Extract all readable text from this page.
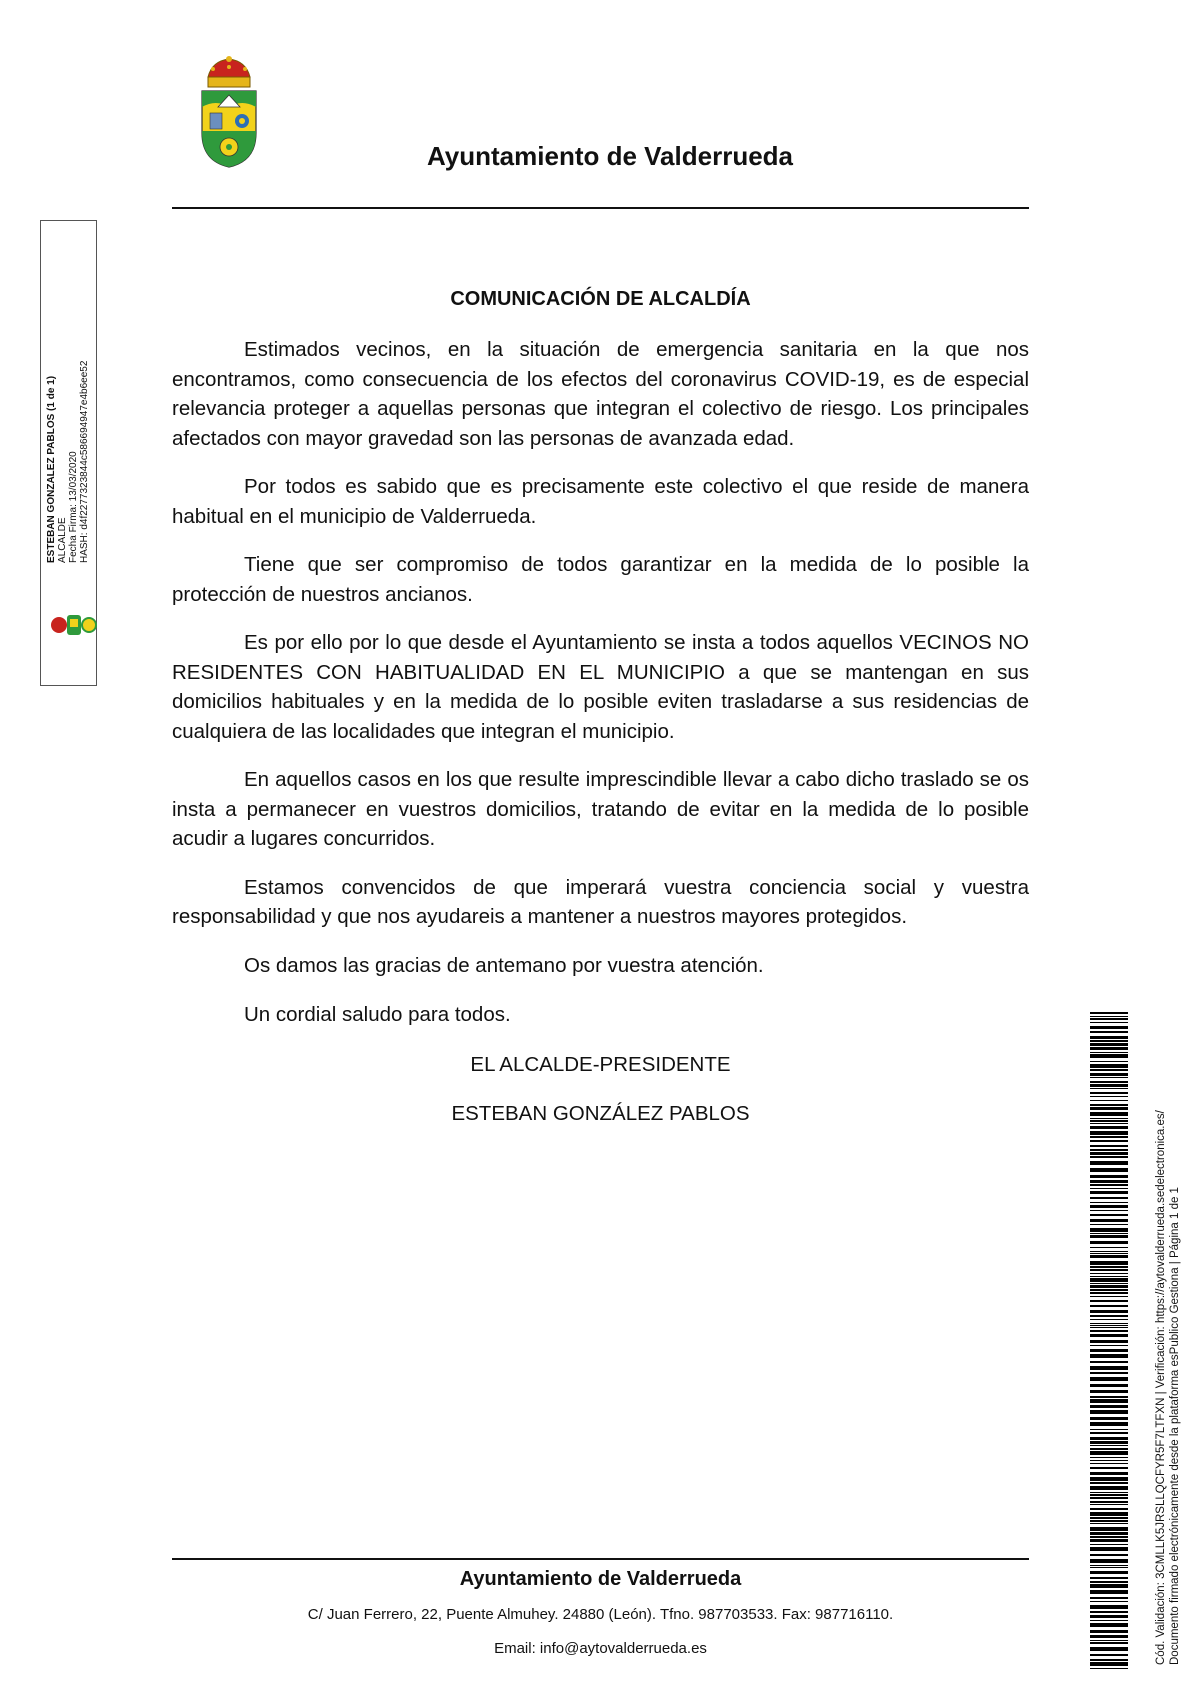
Ayuntamiento de Valderrueda
ESTEBAN GONZALEZ PABLOS (1 de 1) ALCALDE Fecha Firma: 13/03/2020 HASH: d4f2277323844c586694947e4b6ee52
COMUNICACIÓN DE ALCALDÍA

Estimados vecinos, en la situación de emergencia sanitaria en la que nos encontramos, como consecuencia de los efectos del coronavirus COVID-19, es de especial relevancia proteger a aquellas personas que integran el colectivo de riesgo. Los principales afectados con mayor gravedad son las personas de avanzada edad.

Por todos es sabido que es precisamente este colectivo el que reside de manera habitual en el municipio de Valderrueda.

Tiene que ser compromiso de todos garantizar en la medida de lo posible la protección de nuestros ancianos.

Es por ello por lo que desde el Ayuntamiento se insta a todos aquellos VECINOS NO RESIDENTES CON HABITUALIDAD EN EL MUNICIPIO a que se mantengan en sus domicilios habituales y en la medida de lo posible eviten trasladarse a sus residencias de cualquiera de las localidades que integran el municipio.

En aquellos casos en los que resulte imprescindible llevar a cabo dicho traslado se os insta a permanecer en vuestros domicilios, tratando de evitar en la medida de lo posible acudir a lugares concurridos.

Estamos convencidos de que imperará vuestra conciencia social y vuestra responsabilidad y que nos ayudareis a mantener a nuestros mayores protegidos.

Os damos las gracias de antemano por vuestra atención.

Un cordial saludo para todos.

EL ALCALDE-PRESIDENTE

ESTEBAN GONZÁLEZ PABLOS	Cód. Validación: 3CMLLK5JRSLLQCFYR5F7LTFXN | Verificación: https://aytovalderrueda.sedelectronica.es/ Documento firmado electrónicamente desde la plataforma esPublico Gestiona | Página 1 de 1
Ayuntamiento de Valderrueda
C/ Juan Ferrero, 22, Puente Almuhey. 24880 (León). Tfno. 987703533. Fax: 987716110.
Email: info@aytovalderrueda.es
